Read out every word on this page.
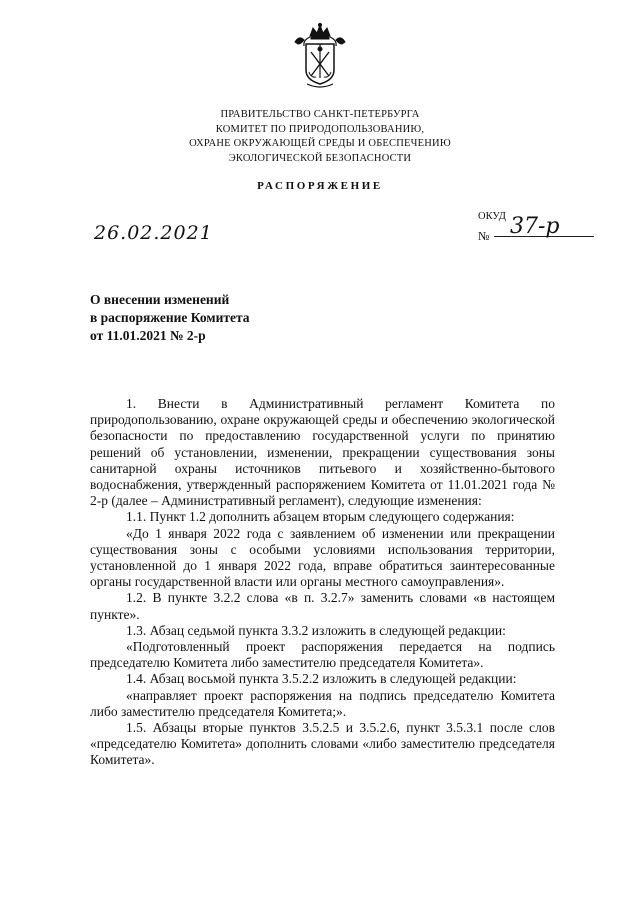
ПРАВИТЕЛЬСТВО САНКТ-ПЕТЕРБУРГА
КОМИТЕТ ПО ПРИРОДОПОЛЬЗОВАНИЮ,
ОХРАНЕ ОКРУЖАЮЩЕЙ СРЕДЫ И ОБЕСПЕЧЕНИЮ
ЭКОЛОГИЧЕСКОЙ БЕЗОПАСНОСТИ
РАСПОРЯЖЕНИЕ
26.02.2021
ОКУД
№ 37-р
О внесении изменений
в распоряжение Комитета
от 11.01.2021 № 2-р

1. Внести в Административный регламент Комитета по природопользованию, охране окружающей среды и обеспечению экологической безопасности по предоставлению государственной услуги по принятию решений об установлении, изменении, прекращении существования зоны санитарной охраны источников питьевого и хозяйственно-бытового водоснабжения, утвержденный распоряжением Комитета от 11.01.2021 года № 2-р (далее – Административный регламент), следующие изменения:

1.1. Пункт 1.2 дополнить абзацем вторым следующего содержания:

«До 1 января 2022 года с заявлением об изменении или прекращении существования зоны с особыми условиями использования территории, установленной до 1 января 2022 года, вправе обратиться заинтересованные органы государственной власти или органы местного самоуправления».

1.2. В пункте 3.2.2 слова «в п. 3.2.7» заменить словами «в настоящем пункте».

1.3. Абзац седьмой пункта 3.3.2 изложить в следующей редакции:

«Подготовленный проект распоряжения передается на подпись председателю Комитета либо заместителю председателя Комитета».

1.4. Абзац восьмой пункта 3.5.2.2 изложить в следующей редакции:

«направляет проект распоряжения на подпись председателю Комитета либо заместителю председателя Комитета;».

1.5. Абзацы вторые пунктов 3.5.2.5 и 3.5.2.6, пункт 3.5.3.1 после слов «председателю Комитета» дополнить словами «либо заместителю председателя Комитета».
